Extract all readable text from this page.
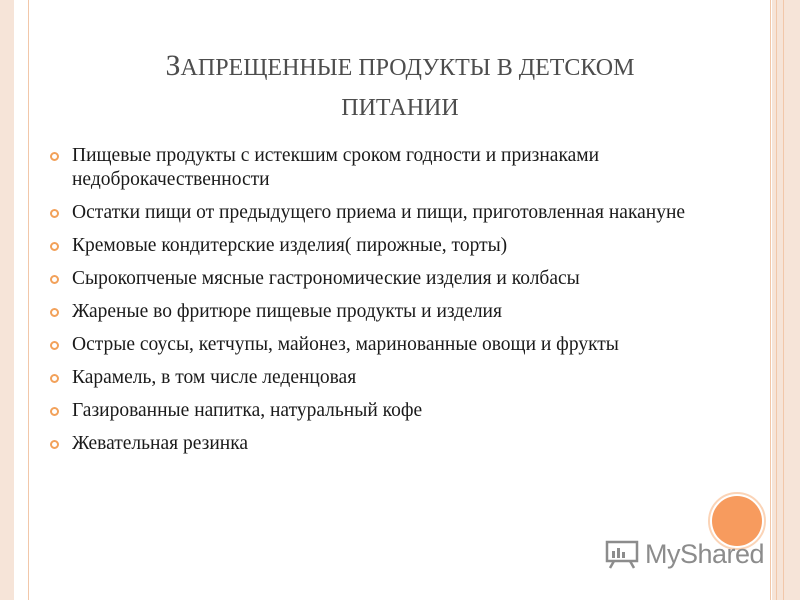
ЗАПРЕЩЕННЫЕ ПРОДУКТЫ В ДЕТСКОМ
ПИТАНИИ
Пищевые продукты с истекшим сроком годности и признаками недоброкачественности
Остатки пищи от предыдущего приема и пищи, приготовленная накануне
Кремовые кондитерские изделия( пирожные, торты)
Сырокопченые мясные гастрономические изделия и колбасы
Жареные во фритюре пищевые продукты и изделия
Острые соусы, кетчупы, майонез, маринованные овощи и фрукты
Карамель, в том числе леденцовая
Газированные напитка, натуральный кофе
Жевательная резинка
MyShared
